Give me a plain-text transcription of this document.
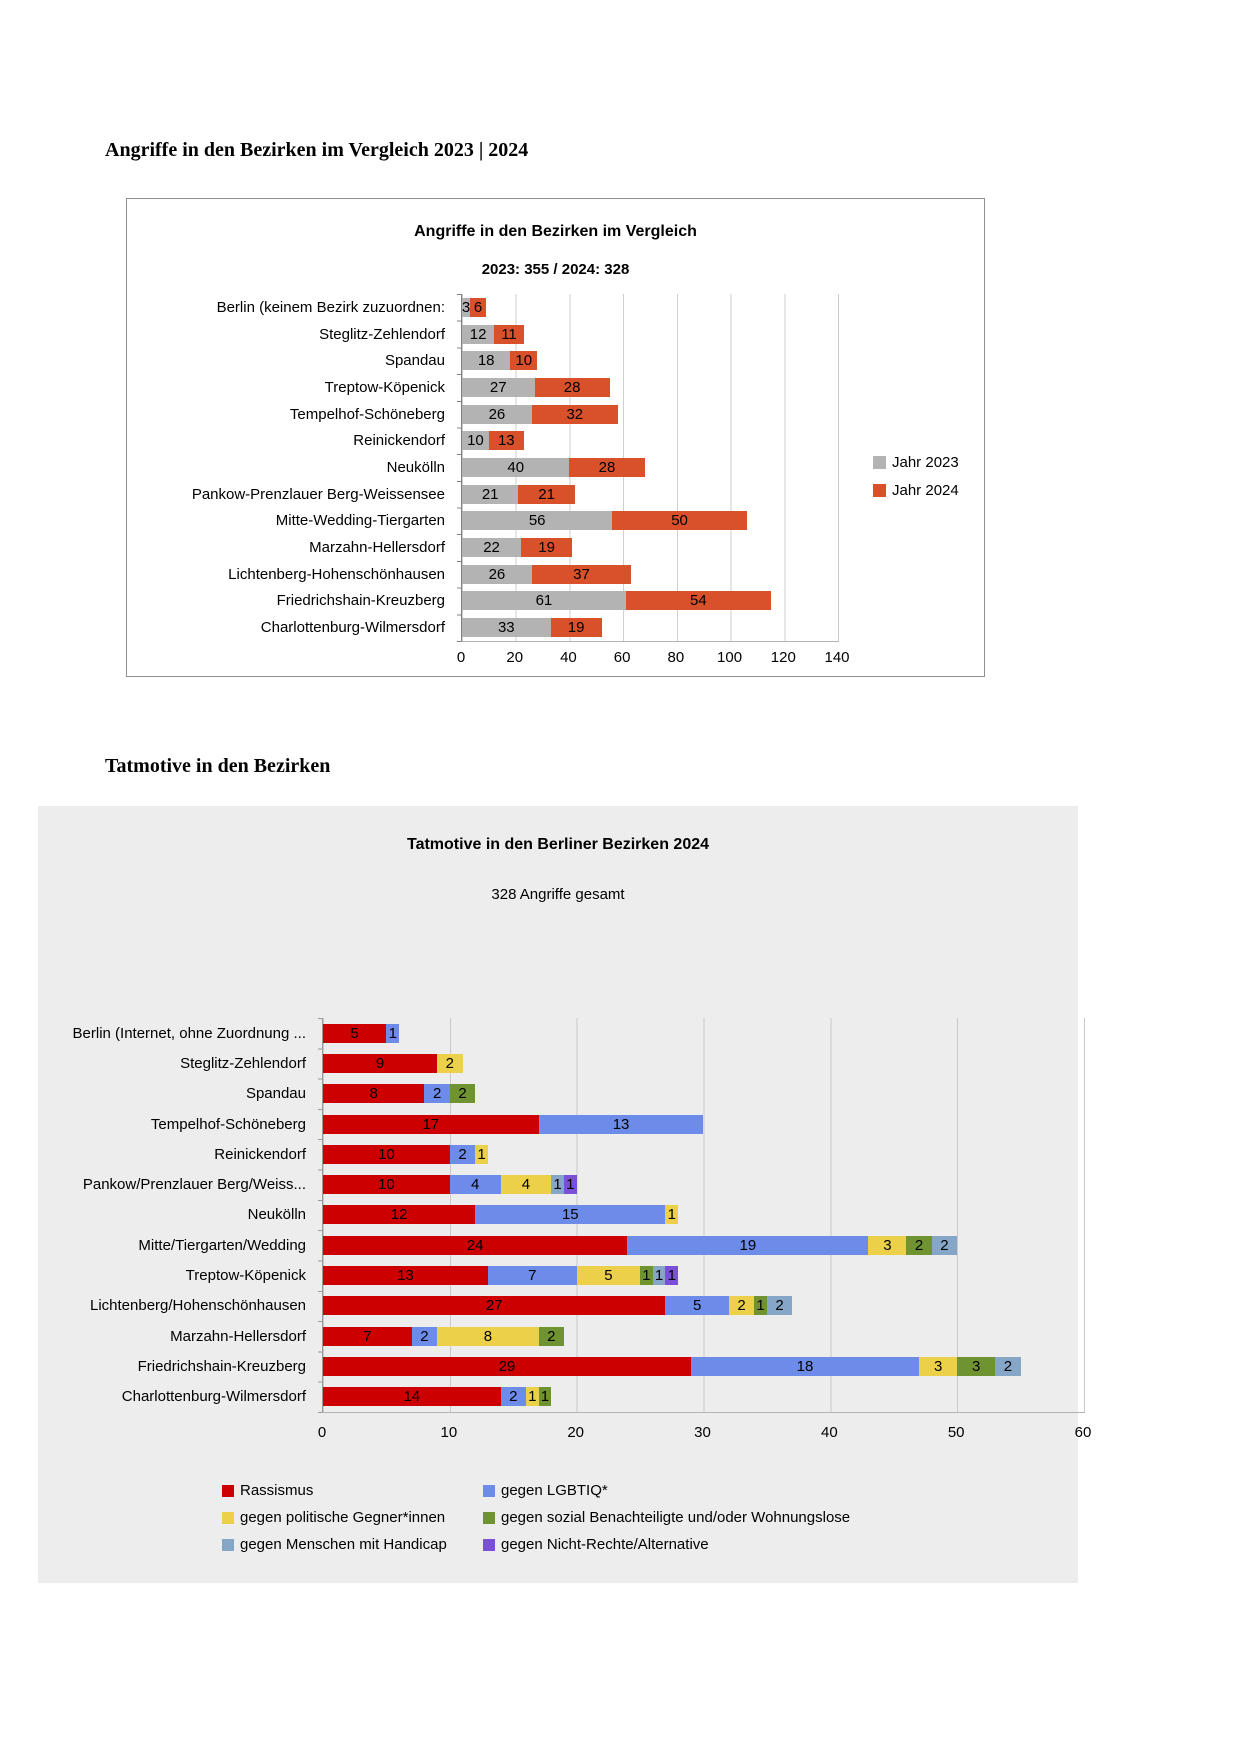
Angriffe in den Bezirken im Vergleich 2023 | 2024
Angriffe in den Bezirken im Vergleich
2023: 355 / 2024: 328
Berlin (keinem Bezirk zuzuordnen:
Steglitz-Zehlendorf
Spandau
Treptow-Köpenick
Tempelhof-Schöneberg
Reinickendorf
Neukölln
Pankow-Prenzlauer Berg-Weissensee
Mitte-Wedding-Tiergarten
Marzahn-Hellersdorf
Lichtenberg-Hohenschönhausen
Friedrichshain-Kreuzberg
Charlottenburg-Wilmersdorf
3 6
12 11
18	10
27	28
26	32
10 13
40	28
21	21
56	50
22	19
26	37
61	54
33	19
0	20 40 60 80 100 120 140
Jahr 2023
Jahr 2024
Tatmotive in den Bezirken
Tatmotive in den Berliner Bezirken 2024
328 Angriffe gesamt
Berlin (Internet, ohne Zuordnung ...
Steglitz-Zehlendorf
Spandau
Tempelhof-Schöneberg
Reinickendorf
Pankow/Prenzlauer Berg/Weiss...
Neukölln
Mitte/Tiergarten/Wedding
Treptow-Köpenick
Lichtenberg/Hohenschönhausen
Marzahn-Hellersdorf
Friedrichshain-Kreuzberg
Charlottenburg-Wilmersdorf
5	1
9	2
8	2	2
17	13
10	2 1
10	4	4	1 1
12	15	1
24	19	3	2	2
13	7	5	1 1 1
27	5	2 1 2
7	2	8	2
29	18	3	3	2
14	2 1 1
0	10	20	30	40	50	60
Rassismus	gegen LGBTIQ*
gegen politische Gegner*innen	gegen sozial Benachteiligte und/oder Wohnungslose
gegen Menschen mit Handicap	gegen Nicht-Rechte/Alternative
